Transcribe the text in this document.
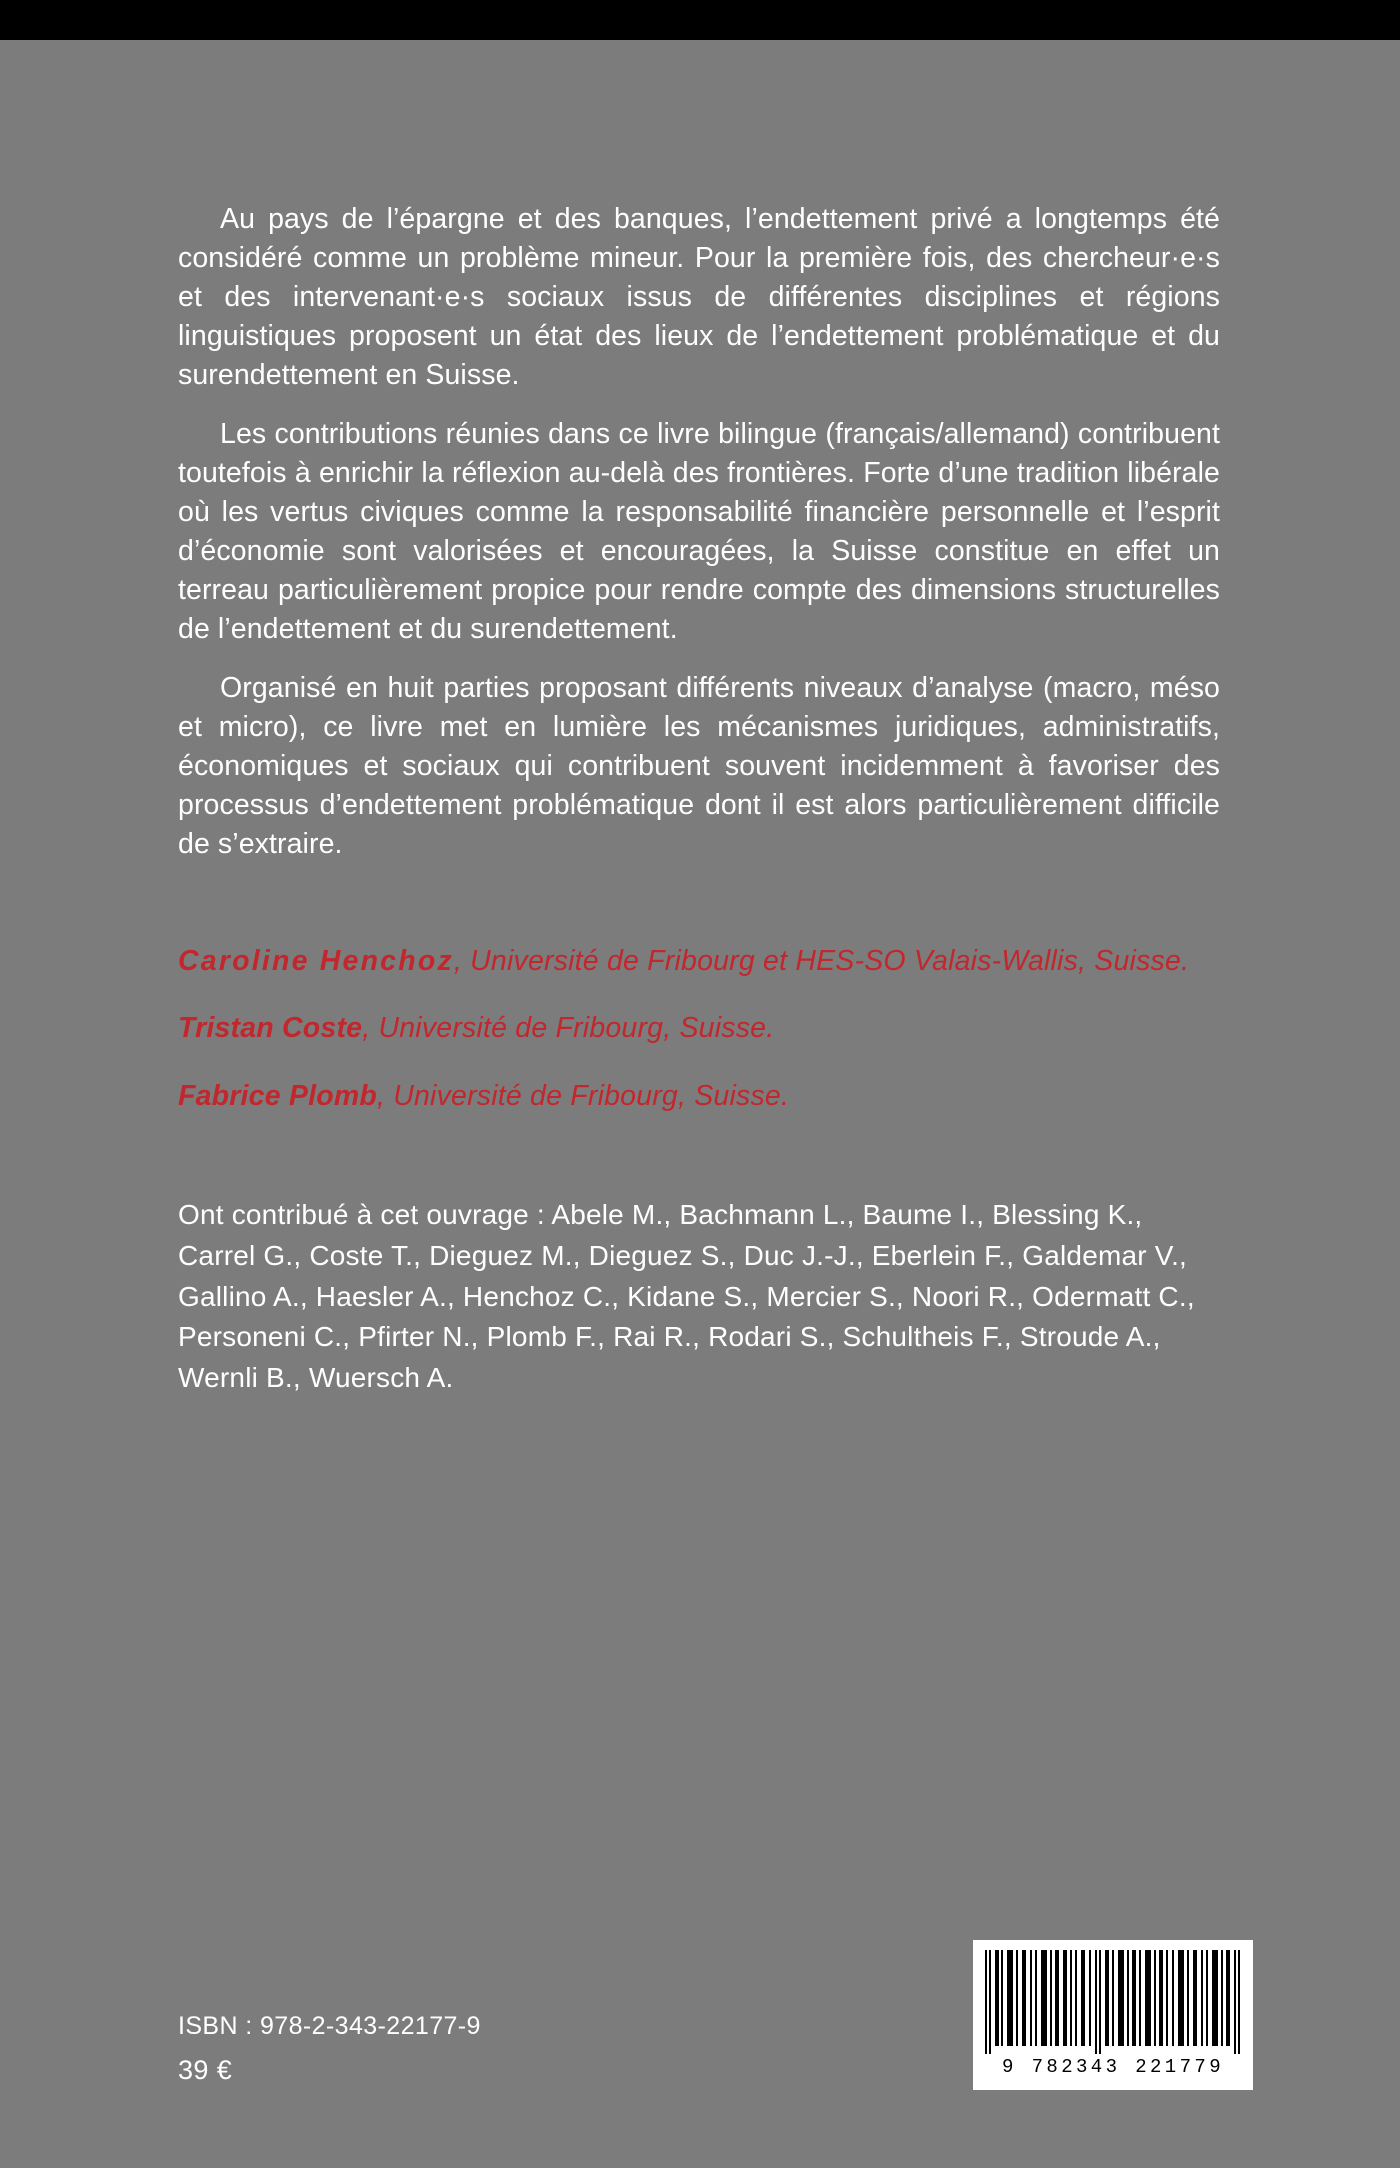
Au pays de l’épargne et des banques, l’endettement privé a longtemps été considéré comme un problème mineur. Pour la première fois, des chercheur·e·s et des intervenant·e·s sociaux issus de différentes disciplines et régions linguistiques proposent un état des lieux de l’endettement problématique et du surendettement en Suisse.

Les contributions réunies dans ce livre bilingue (français/allemand) contribuent toutefois à enrichir la réflexion au-delà des frontières. Forte d’une tradition libérale où les vertus civiques comme la responsabilité financière personnelle et l’esprit d’économie sont valorisées et encouragées, la Suisse constitue en effet un terreau particulièrement propice pour rendre compte des dimensions structurelles de l’endettement et du surendettement.

Organisé en huit parties proposant différents niveaux d’analyse (macro, méso et micro), ce livre met en lumière les mécanismes juridiques, administratifs, économiques et sociaux qui contribuent souvent incidemment à favoriser des processus d’endettement problématique dont il est alors particulièrement difficile de s’extraire.

Caroline Henchoz, Université de Fribourg et HES-SO Valais-Wallis, Suisse.
Tristan Coste, Université de Fribourg, Suisse.
Fabrice Plomb, Université de Fribourg, Suisse.
Ont contribué à cet ouvrage : Abele M., Bachmann L., Baume I., Blessing K., Carrel G., Coste T., Dieguez M., Dieguez S., Duc J.-J., Eberlein F., Galdemar V., Gallino A., Haesler A., Henchoz C., Kidane S., Mercier S., Noori R., Odermatt C., Personeni C., Pfirter N., Plomb F., Rai R., Rodari S., Schultheis F., Stroude A., Wernli B., Wuersch A.
ISBN : 978-2-343-22177-9
39 €	9 782343 221779
